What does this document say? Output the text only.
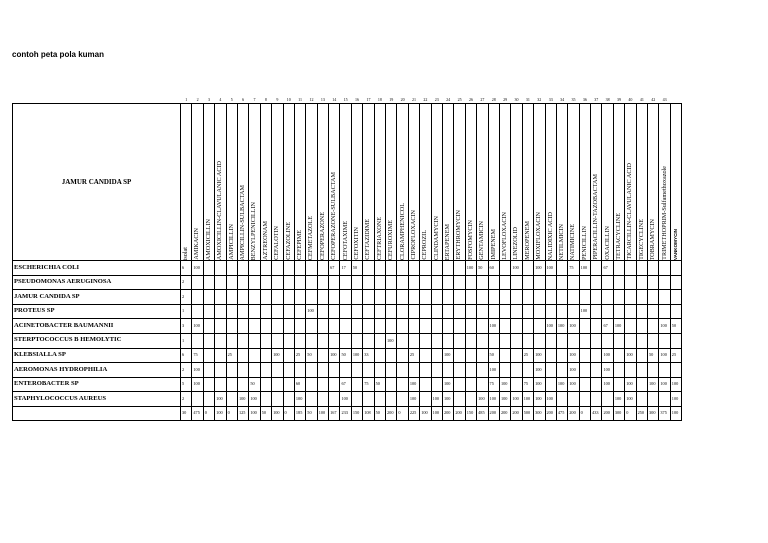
contoh peta pola kuman
	1	2	3	4	5	6	7	8	9	10	11	12	13	14	15	16	17	18	19	20	21	22	23	24	25	26	27	28	29	30	31	32	33	34	35	36	37	38	39	40	41	42	43		
JAMUR CANDIDA SP	isolat	AMIKACIN	AMOXICILLIN	AMOXICILLIN-CLAVULANIC ACID	AMPICILLIN	AMPICILLIN-SULBACTAM	BENZYLPENICILLIN	AZTREONAM	CEFALOTIN	CEFAZOLINE	CEFEPIME	CEFMETAZOLE	CEFOPERAZONE	CEFOPERAZONE-SULBACTAM	CEFOTAXIME	CEFOXITIN	CEFTAZIDIME	CEFTRIAXONE	CEFUROXIME	CLORAMPHENICOL	CIPROFLOXACIN	CEPROZIL	CLINDAMYCIN	ERTAPENEM	ERYTHROMYCIN	FOSFOMYCIN	GENTAMICIN	IMIPENEM	LEVOFLOXACIN	LINEZOLID	MEROPENEM	MOXIFLOXACIN	NALIDIXIC ACID	NETILMICIN	NATIMICINE	PENICILLIN	PIPERACILLIN-TAZOBACTAM	OXACILLIN	TETRACYCLINE	TICARCILLIN-CLAVULANIC ACID	TIGECYCLINE	TOBRAMYCIN	TRIMETHOPRIM-Sulfamethoxazole	VANKOMYCIN	

ESCHERICHIA COLI	6	100												67	17	50										100	50	60		100		100	100		75	100		67							
PSEUDOMONAS AERUGINOSA	2																																												
JAMUR CANDIDA SP	2																																												
PROTEUS SP	1											100																								100									
ACINETOBACTER BAUMANNII	3	100																										100					100	100	100			67	100				100	50	
STERPTOCOCCUS B HEMOLYTIC	1																		100																										
KLEBSIALLA SP	6	75			25				100		25	50		100	50	100	33				25			100				50			25	100			100			100		100		50	100	25	
AEROMONAS HYDROPHILIA	2	100																										100				100			100			100							
ENTEROBACTER SP	5	100					50				60				67		75	50			100			100				75	100		75	100		100	100			100		100		100	100	100	
STAPHYLOCOCCUS AUREUS	2			100		100	100				100				100						100		100	100			100	100	100	100	100	100	100						100	100				100	
	30	475	0	100	0	125	100	50	100	0	185	50	100	167	233	150	108	50	200	0	225	100	100	200	200	150	485	200	200	200	500	300	200	475	200	0	433	200	300	0	250	300	375	100	
